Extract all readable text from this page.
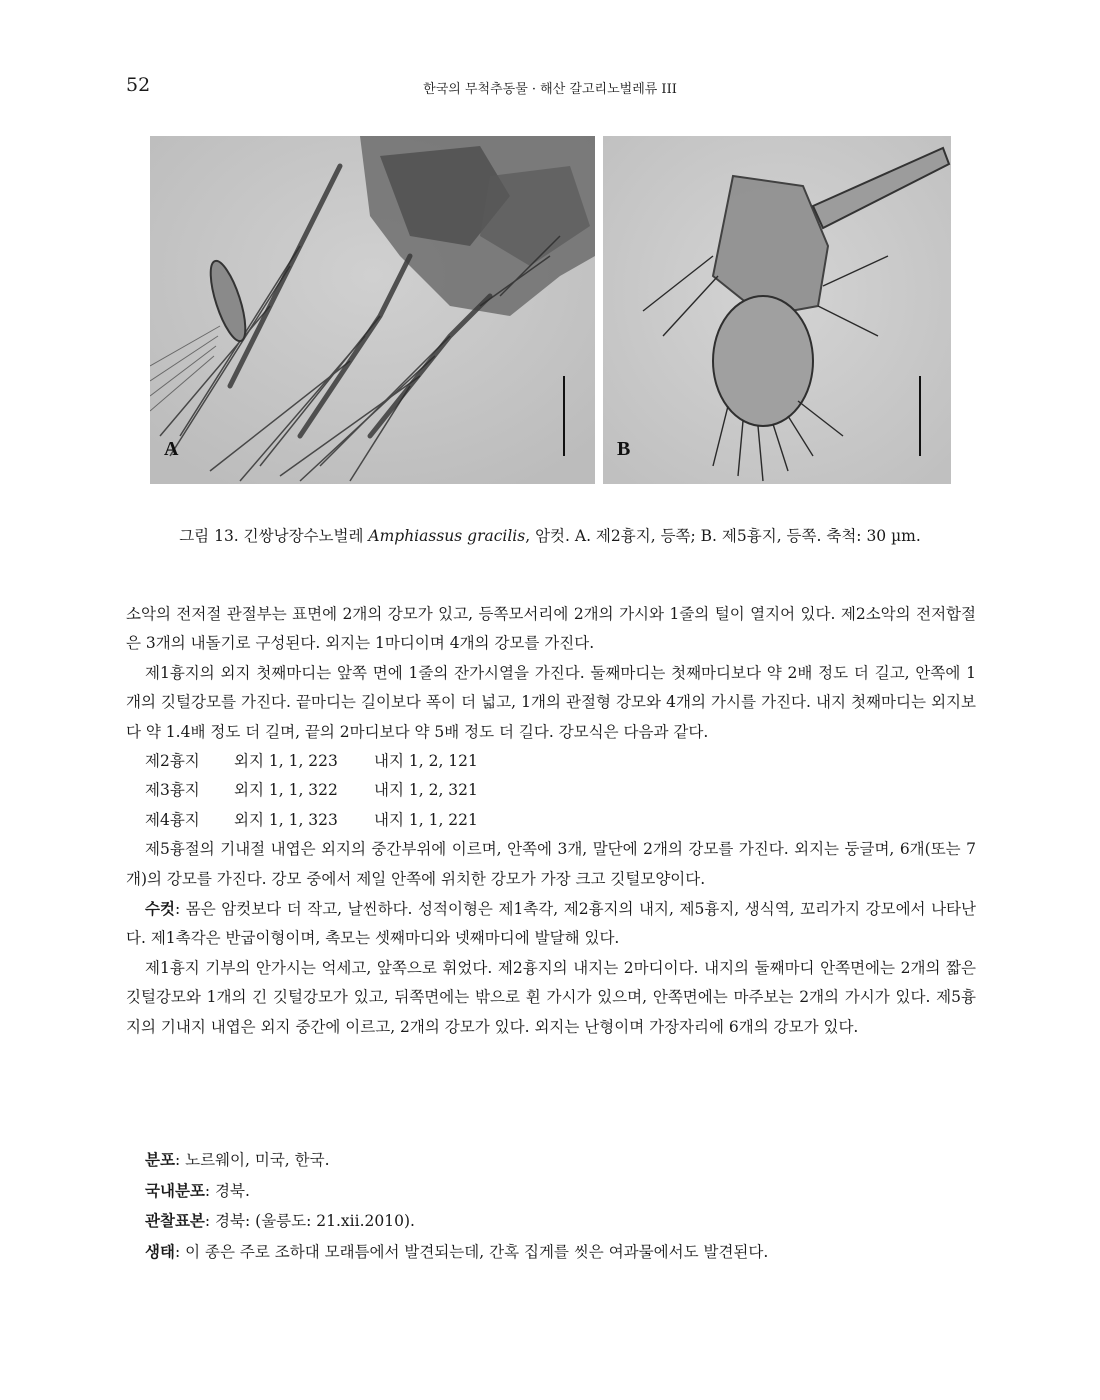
52	한국의 무척추동물 · 해산 갈고리노벌레류 III
A	B
그림 13. 긴쌍낭장수노벌레 Amphiassus gracilis, 암컷. A. 제2흉지, 등쪽; B. 제5흉지, 등쪽. 축척: 30 µm.

소악의 전저절 관절부는 표면에 2개의 강모가 있고, 등쪽모서리에 2개의 가시와 1줄의 털이 열지어 있다. 제2소악의 전저합절은 3개의 내돌기로 구성된다. 외지는 1마디이며 4개의 강모를 가진다.

제1흉지의 외지 첫째마디는 앞쪽 면에 1줄의 잔가시열을 가진다. 둘째마디는 첫째마디보다 약 2배 정도 더 길고, 안쪽에 1개의 깃털강모를 가진다. 끝마디는 길이보다 폭이 더 넓고, 1개의 관절형 강모와 4개의 가시를 가진다. 내지 첫째마디는 외지보다 약 1.4배 정도 더 길며, 끝의 2마디보다 약 5배 정도 더 길다. 강모식은 다음과 같다.

제2흉지 외지 1, 1, 223 내지 1, 2, 121
제3흉지 외지 1, 1, 322 내지 1, 2, 321
제4흉지 외지 1, 1, 323 내지 1, 1, 221

제5흉절의 기내절 내엽은 외지의 중간부위에 이르며, 안쪽에 3개, 말단에 2개의 강모를 가진다. 외지는 둥글며, 6개(또는 7개)의 강모를 가진다. 강모 중에서 제일 안쪽에 위치한 강모가 가장 크고 깃털모양이다.

수컷: 몸은 암컷보다 더 작고, 날씬하다. 성적이형은 제1촉각, 제2흉지의 내지, 제5흉지, 생식역, 꼬리가지 강모에서 나타난다. 제1촉각은 반굽이형이며, 촉모는 셋째마디와 넷째마디에 발달해 있다.

제1흉지 기부의 안가시는 억세고, 앞쪽으로 휘었다. 제2흉지의 내지는 2마디이다. 내지의 둘째마디 안쪽면에는 2개의 짧은 깃털강모와 1개의 긴 깃털강모가 있고, 뒤쪽면에는 밖으로 휜 가시가 있으며, 안쪽면에는 마주보는 2개의 가시가 있다. 제5흉지의 기내지 내엽은 외지 중간에 이르고, 2개의 강모가 있다. 외지는 난형이며 가장자리에 6개의 강모가 있다.

분포: 노르웨이, 미국, 한국.

국내분포: 경북.

관찰표본: 경북: (울릉도: 21.xii.2010).

생태: 이 종은 주로 조하대 모래틈에서 발견되는데, 간혹 집게를 씻은 여과물에서도 발견된다.
